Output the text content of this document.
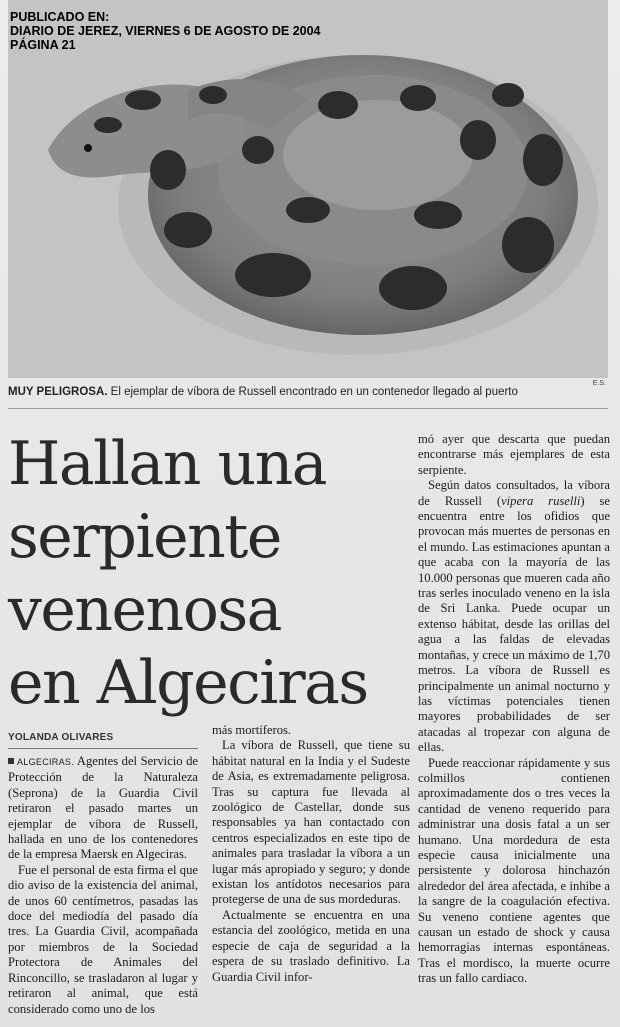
PUBLICADO EN:
DIARIO DE JEREZ, VIERNES 6 DE AGOSTO DE 2004
PÁGINA 21
E.S.
MUY PELIGROSA. El ejemplar de víbora de Russell encontrado en un contenedor llegado al puerto
Hallan una
serpiente
venenosa
en Algeciras
YOLANDA OLIVARES

ALGECIRAS. Agentes del Servicio de Protección de la Naturaleza (Seprona) de la Guardia Civil retiraron el pasado martes un ejemplar de víbora de Russell, hallada en uno de los contenedores de la empresa Maersk en Algeciras.

Fue el personal de esta firma el que dio aviso de la existencia del animal, de unos 60 centímetros, pasadas las doce del mediodía del pasado día tres. La Guardia Civil, acompañada por miembros de la Sociedad Protectora de Animales del Rinconcillo, se trasladaron al lugar y retiraron al animal, que está considerado como uno de los

más mortíferos.

La víbora de Russell, que tiene su hábitat natural en la India y el Sudeste de Asia, es extremadamente peligrosa. Tras su captura fue llevada al zoológico de Castellar, donde sus responsables ya han contactado con centros especializados en este tipo de animales para trasladar la víbora a un lugar más apropiado y seguro; y donde existan los antídotos necesarios para protegerse de una de sus mordeduras.

Actualmente se encuentra en una estancia del zoológico, metida en una especie de caja de seguridad a la espera de su traslado definitivo. La Guardia Civil infor-

mó ayer que descarta que puedan encontrarse más ejemplares de esta serpiente.

Según datos consultados, la víbora de Russell (vipera ruselli) se encuentra entre los ofidios que provocan más muertes de personas en el mundo. Las estimaciones apuntan a que acaba con la mayoría de las 10.000 personas que mueren cada año tras serles inoculado veneno en la isla de Sri Lanka. Puede ocupar un extenso hábitat, desde las orillas del agua a las faldas de elevadas montañas, y crece un máximo de 1,70 metros. La víbora de Russell es principalmente un animal nocturno y las víctimas potenciales tienen mayores probabilidades de ser atacadas al tropezar con alguna de ellas.

Puede reaccionar rápidamente y sus colmillos contienen aproximadamente dos o tres veces la cantidad de veneno requerido para administrar una dosis fatal a un ser humano. Una mordedura de esta especie causa inicialmente una persistente y dolorosa hinchazón alrededor del área afectada, e inhibe a la sangre de la coagulación efectiva. Su veneno contiene agentes que causan un estado de shock y causa hemorragias internas espontáneas. Tras el mordisco, la muerte ocurre tras un fallo cardiaco.
